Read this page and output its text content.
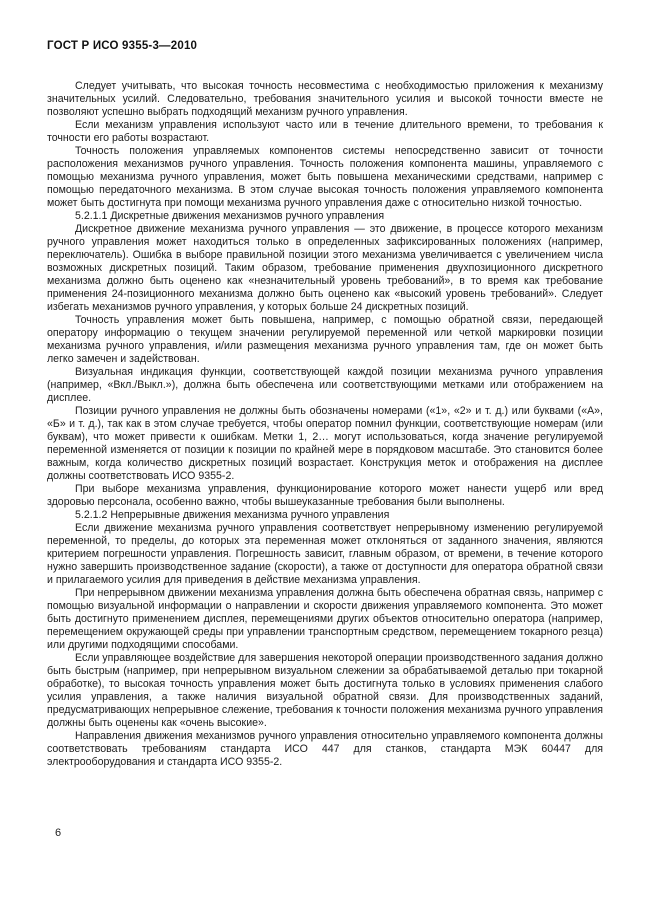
ГОСТ Р ИСО 9355-3—2010

Следует учитывать, что высокая точность несовместима с необходимостью приложения к механизму значительных усилий. Следовательно, требования значительного усилия и высокой точности вместе не позволяют успешно выбрать подходящий механизм ручного управления.

Если механизм управления используют часто или в течение длительного времени, то требования к точности его работы возрастают.

Точность положения управляемых компонентов системы непосредственно зависит от точности расположения механизмов ручного управления. Точность положения компонента машины, управляемого с помощью механизма ручного управления, может быть повышена механическими средствами, например с помощью передаточного механизма. В этом случае высокая точность положения управляемого компонента может быть достигнута при помощи механизма ручного управления даже с относительно низкой точностью.

5.2.1.1 Дискретные движения механизмов ручного управления

Дискретное движение механизма ручного управления — это движение, в процессе которого механизм ручного управления может находиться только в определенных зафиксированных положениях (например, переключатель). Ошибка в выборе правильной позиции этого механизма увеличивается с увеличением числа возможных дискретных позиций. Таким образом, требование применения двухпозиционного дискретного механизма должно быть оценено как «незначительный уровень требований», в то время как требование применения 24-позиционного механизма должно быть оценено как «высокий уровень требований». Следует избегать механизмов ручного управления, у которых больше 24 дискретных позиций.

Точность управления может быть повышена, например, с помощью обратной связи, передающей оператору информацию о текущем значении регулируемой переменной или четкой маркировки позиции механизма ручного управления, и/или размещения механизма ручного управления там, где он может быть легко замечен и задействован.

Визуальная индикация функции, соответствующей каждой позиции механизма ручного управления (например, «Вкл./Выкл.»), должна быть обеспечена или соответствующими метками или отображением на дисплее.

Позиции ручного управления не должны быть обозначены номерами («1», «2» и т. д.) или буквами («А», «Б» и т. д.), так как в этом случае требуется, чтобы оператор помнил функции, соответствующие номерам (или буквам), что может привести к ошибкам. Метки 1, 2… могут использоваться, когда значение регулируемой переменной изменяется от позиции к позиции по крайней мере в порядковом масштабе. Это становится более важным, когда количество дискретных позиций возрастает. Конструкция меток и отображения на дисплее должны соответствовать ИСО 9355-2.

При выборе механизма управления, функционирование которого может нанести ущерб или вред здоровью персонала, особенно важно, чтобы вышеуказанные требования были выполнены.

5.2.1.2 Непрерывные движения механизма ручного управления

Если движение механизма ручного управления соответствует непрерывному изменению регулируемой переменной, то пределы, до которых эта переменная может отклоняться от заданного значения, являются критерием погрешности управления. Погрешность зависит, главным образом, от времени, в течение которого нужно завершить производственное задание (скорости), а также от доступности для оператора обратной связи и прилагаемого усилия для приведения в действие механизма управления.

При непрерывном движении механизма управления должна быть обеспечена обратная связь, например с помощью визуальной информации о направлении и скорости движения управляемого компонента. Это может быть достигнуто применением дисплея, перемещениями других объектов относительно оператора (например, перемещением окружающей среды при управлении транспортным средством, перемещением токарного резца) или другими подходящими способами.

Если управляющее воздействие для завершения некоторой операции производственного задания должно быть быстрым (например, при непрерывном визуальном слежении за обрабатываемой деталью при токарной обработке), то высокая точность управления может быть достигнута только в условиях применения слабого усилия управления, а также наличия визуальной обратной связи. Для производственных заданий, предусматривающих непрерывное слежение, требования к точности положения механизма ручного управления должны быть оценены как «очень высокие».

Направления движения механизмов ручного управления относительно управляемого компонента должны соответствовать требованиям стандарта ИСО 447 для станков, стандарта МЭК 60447 для электрооборудования и стандарта ИСО 9355-2.

6
